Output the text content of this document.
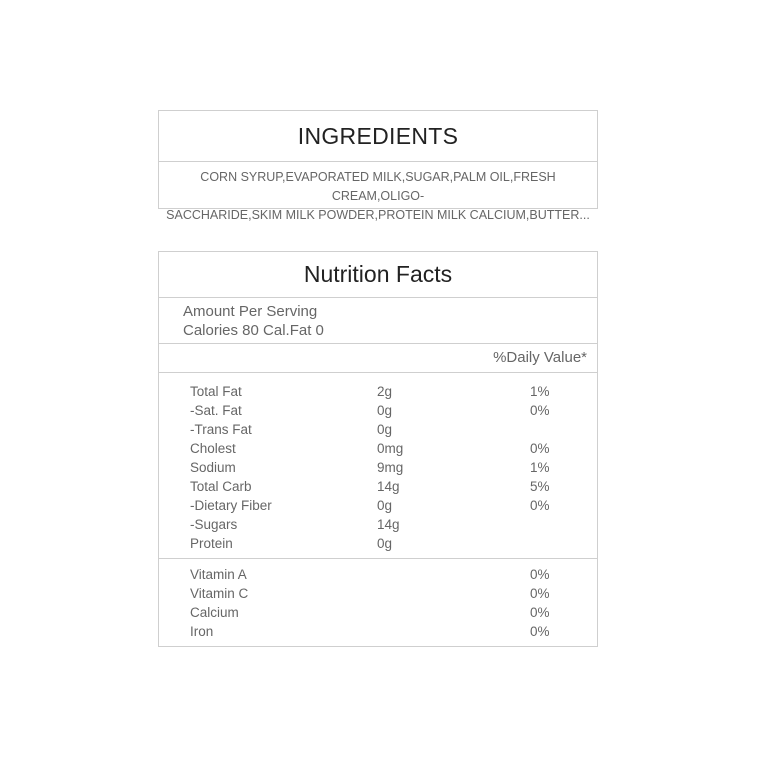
INGREDIENTS
CORN SYRUP,EVAPORATED MILK,SUGAR,PALM OIL,FRESH CREAM,OLIGO-
SACCHARIDE,SKIM MILK POWDER,PROTEIN MILK CALCIUM,BUTTER...
Nutrition Facts
Amount Per Serving
Calories 80 Cal.Fat 0
%Daily Value*
Total Fat	2g	1%
-Sat. Fat	0g	0%
-Trans Fat	0g
Cholest	0mg	0%
Sodium	9mg	1%
Total Carb	14g	5%
-Dietary Fiber	0g	0%
-Sugars	14g
Protein	0g
Vitamin A	0%
Vitamin C	0%
Calcium	0%
Iron	0%
